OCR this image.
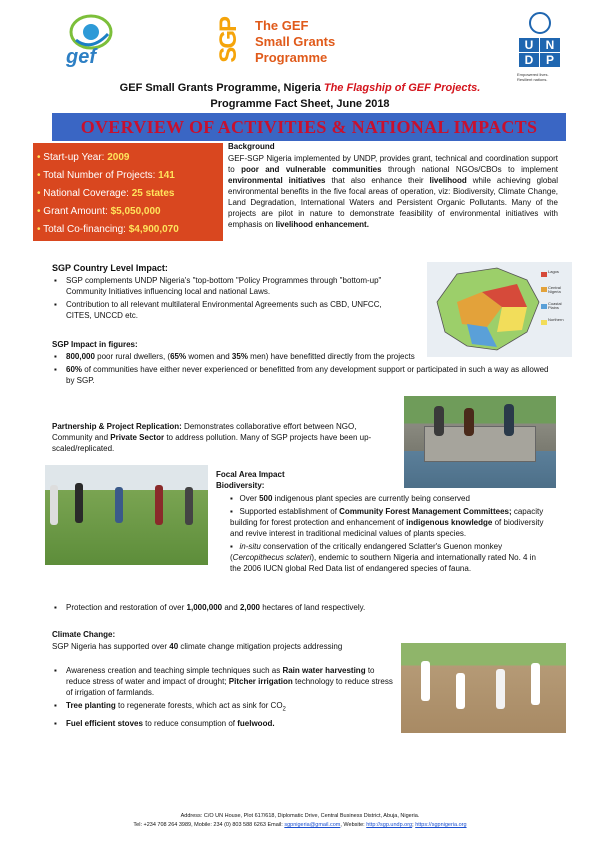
gef	SGP The GEF
Small Grants
Programme
U	N
D	P
Empowered lives. Resilient nations.
GEF Small Grants Programme, Nigeria The Flagship of GEF Projects.
Programme Fact Sheet, June 2018
OVERVIEW OF ACTIVITIES & NATIONAL IMPACTS
• Start-up Year: 2009
• Total Number of Projects: 141
• National Coverage: 25 states
• Grant Amount: $5,050,000
• Total Co-financing: $4,900,070
Background
GEF-SGP Nigeria implemented by UNDP, provides grant, technical and coordination support to poor and vulnerable communities through national NGOs/CBOs to implement environmental initiatives that also enhance their livelihood while achieving global environmental benefits in the five focal areas of operation, viz: Biodiversity, Climate Change, Land Degradation, International Waters and Persistent Organic Pollutants. Many of the projects are pilot in nature to demonstrate feasibility of environmental initiatives with emphasis on livelihood enhancement.
SGP Country Level Impact:
▪ SGP complements UNDP Nigeria's "top-bottom "Policy Programmes through "bottom-up" Community Initiatives influencing local and national Laws.
▪ Contribution to all relevant multilateral Environmental Agreements such as CBD, UNFCC, CITES, UNCCD etc.
Lagos
Central Nigeria
Coastal Plains
Northern
SGP Impact in figures:
▪ 800,000 poor rural dwellers, (65% women and 35% men) have benefitted directly from the projects
▪ 60% of communities have either never experienced or benefitted from any development support or participated in such a way as allowed by SGP.
Partnership & Project Replication: Demonstrates collaborative effort between NGO, Community and Private Sector to address pollution. Many of SGP projects have been up-scaled/replicated.
Focal Area Impact
Biodiversity:
▪   Over 500 indigenous plant species are currently being conserved
▪   Supported establishment of Community Forest Management Committees; capacity building for forest protection and enhancement of indigenous knowledge of biodiversity and revive interest in traditional medicinal values of plants species.
▪   in-situ conservation of the critically endangered Sclatter's Guenon monkey (Cercopithecus sclateri), endemic to southern Nigeria and internationally rated No. 4 in the 2006 IUCN global Red Data list of endangered species of fauna.
▪ Protection and restoration of over 1,000,000 and 2,000 hectares of land respectively.
Climate Change:
SGP Nigeria has supported over 40 climate change mitigation projects addressing
▪ Awareness creation and teaching simple techniques such as Rain water harvesting to reduce stress of water and impact of drought; Pitcher irrigation technology to reduce stress of irrigation of farmlands.
▪ Tree planting to regenerate forests, which act as sink for $CO_2$
▪ Fuel efficient stoves to reduce consumption of fuelwood.
Address: C/O UN House, Plot 617/618, Diplomatic Drive, Central Business District, Abuja, Nigeria.
Tel: +234 708 264 3989, Mobile: 234 (0) 803 588 6263 Email: sgpnigeria@gmail.com, Website: http://sgp.undp.org; https://sgpnigeria.org
